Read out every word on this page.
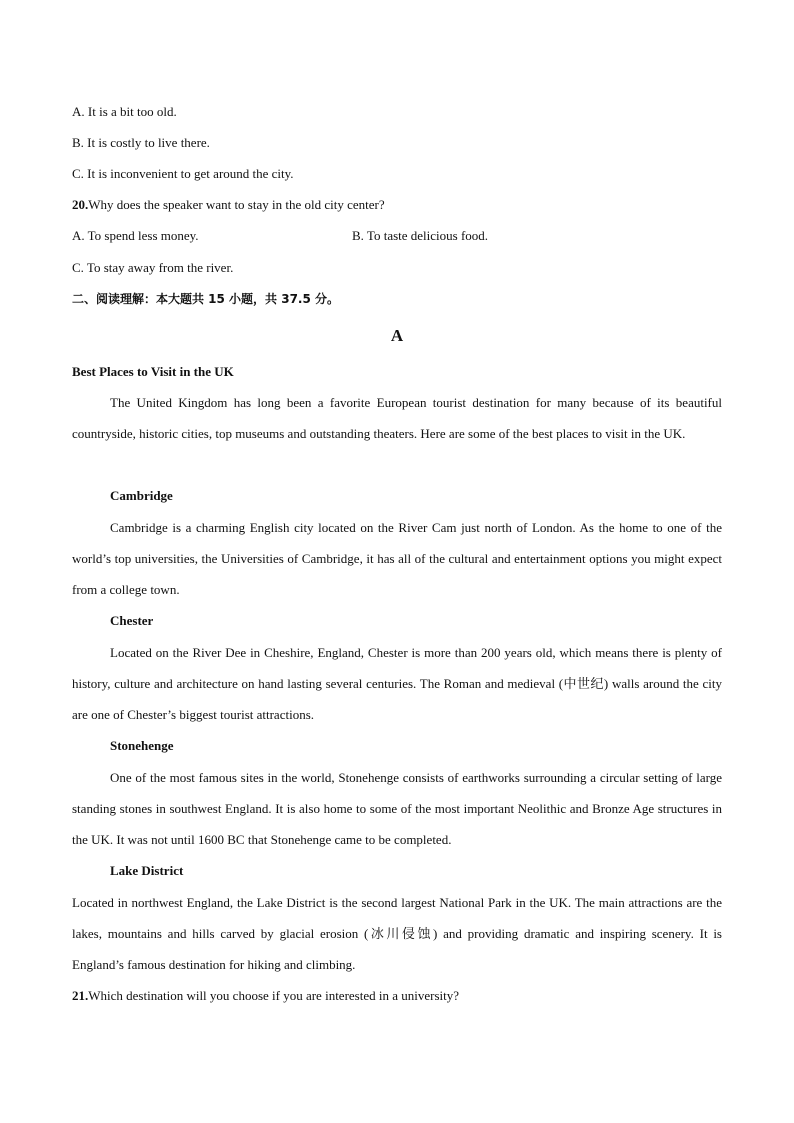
A. It is a bit too old.
B. It is costly to live there.
C. It is inconvenient to get around the city.
20.Why does the speaker want to stay in the old city center?
A. To spend less money.	B. To taste delicious food.
C. To stay away from the river.
二、阅读理解：本大题共 15 小题，共 37.5 分。
A
Best Places to Visit in the UK
The United Kingdom has long been a favorite European tourist destination for many because of its beautiful countryside, historic cities, top museums and outstanding theaters. Here are some of the best places to visit in the UK.
Cambridge
Cambridge is a charming English city located on the River Cam just north of London. As the home to one of the world’s top universities, the Universities of Cambridge, it has all of the cultural and entertainment options you might expect from a college town.
Chester
Located on the River Dee in Cheshire, England, Chester is more than 200 years old, which means there is plenty of history, culture and architecture on hand lasting several centuries. The Roman and medieval (中世纪) walls around the city are one of Chester’s biggest tourist attractions.
Stonehenge
One of the most famous sites in the world, Stonehenge consists of earthworks surrounding a circular setting of large standing stones in southwest England. It is also home to some of the most important Neolithic and Bronze Age structures in the UK. It was not until 1600 BC that Stonehenge came to be completed.
Lake District
Located in northwest England, the Lake District is the second largest National Park in the UK. The main attractions are the lakes, mountains and hills carved by glacial erosion (冰川侵蚀) and providing dramatic and inspiring scenery. It is England’s famous destination for hiking and climbing.
21.Which destination will you choose if you are interested in a university?
